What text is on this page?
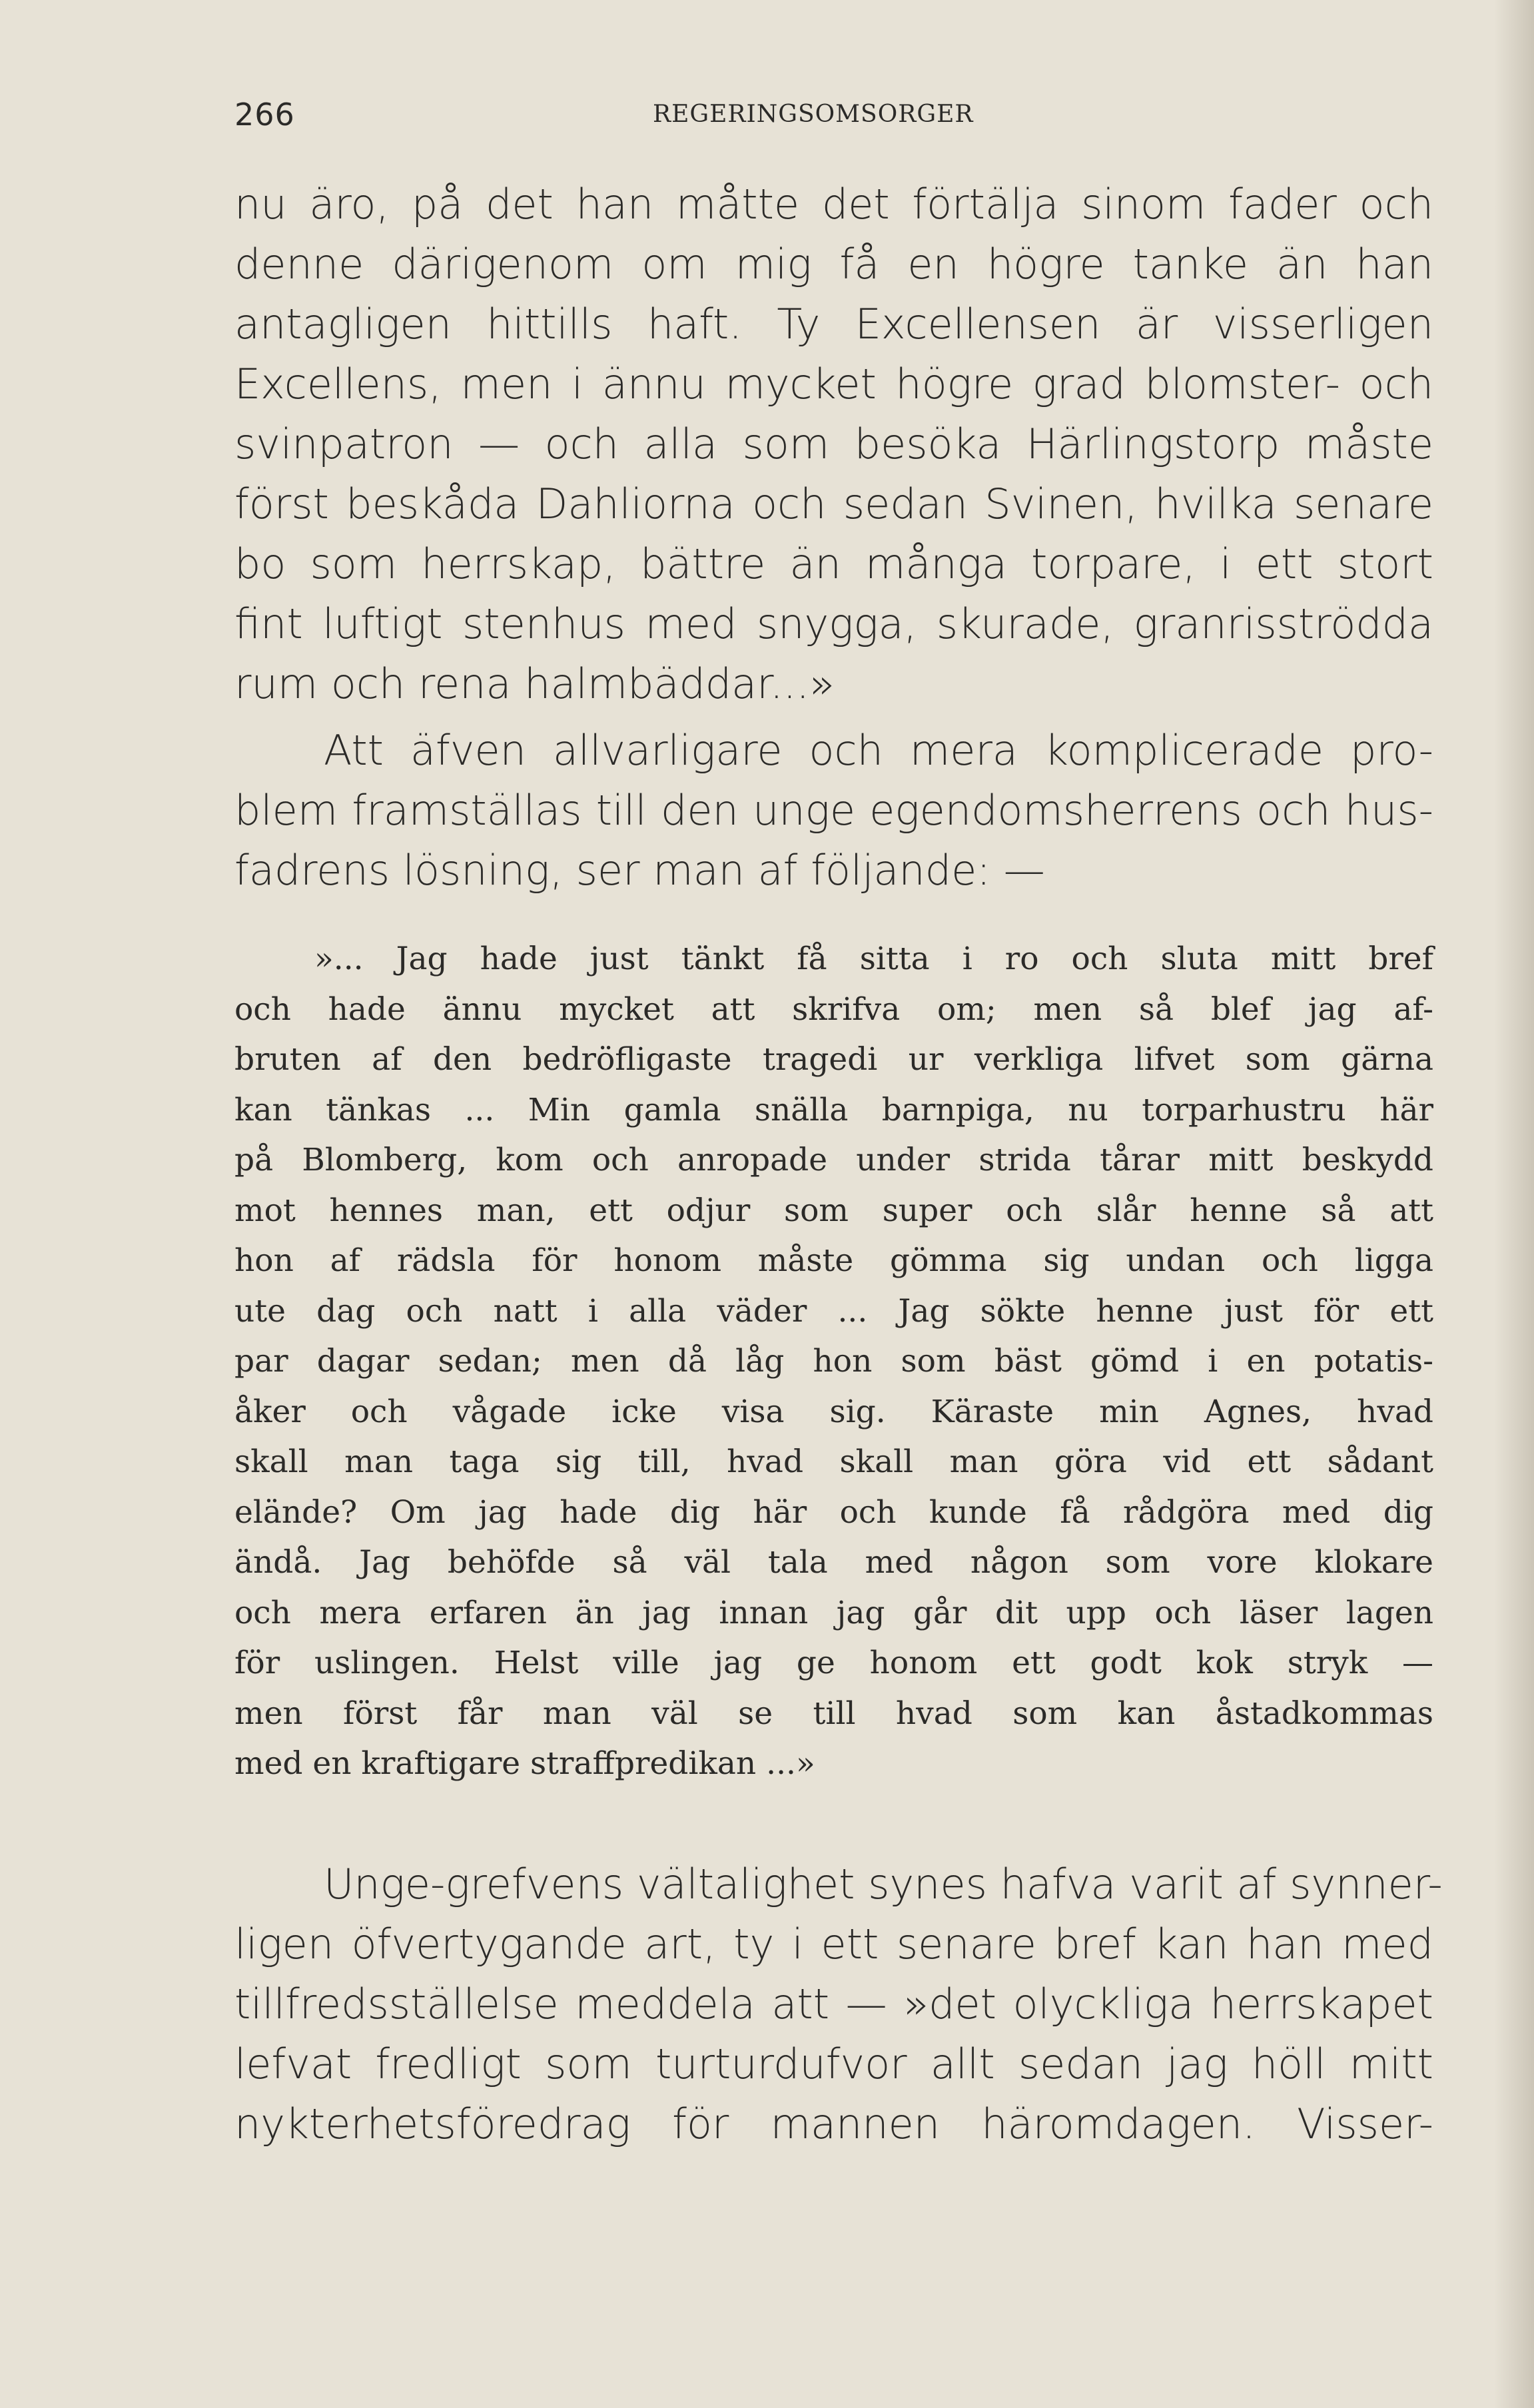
266	REGERINGSOMSORGER
nu äro, på det han måtte det förtälja sinom fader och
denne därigenom om mig få en högre tanke än han
antagligen hittills haft. Ty Excellensen är visserligen
Excellens, men i ännu mycket högre grad blomster- och
svinpatron — och alla som besöka Härlingstorp måste
först beskåda Dahliorna och sedan Svinen, hvilka senare
bo som herrskap, bättre än många torpare, i ett stort
fint luftigt stenhus med snygga, skurade, granrisströdda
rum och rena halmbäddar...»
Att äfven allvarligare och mera komplicerade pro-
blem framställas till den unge egendomsherrens och hus-
fadrens lösning, ser man af följande: —
»... Jag hade just tänkt få sitta i ro och sluta mitt bref
och hade ännu mycket att skrifva om; men så blef jag af-
bruten af den bedröfligaste tragedi ur verkliga lifvet som gärna
kan tänkas ... Min gamla snälla barnpiga, nu torparhustru här
på Blomberg, kom och anropade under strida tårar mitt beskydd
mot hennes man, ett odjur som super och slår henne så att
hon af rädsla för honom måste gömma sig undan och ligga
ute dag och natt i alla väder ... Jag sökte henne just för ett
par dagar sedan; men då låg hon som bäst gömd i en potatis-
åker och vågade icke visa sig. Käraste min Agnes, hvad
skall man taga sig till, hvad skall man göra vid ett sådant
elände? Om jag hade dig här och kunde få rådgöra med dig
ändå. Jag behöfde så väl tala med någon som vore klokare
och mera erfaren än jag innan jag går dit upp och läser lagen
för uslingen. Helst ville jag ge honom ett godt kok stryk —
men först får man väl se till hvad som kan åstadkommas
med en kraftigare straffpredikan ...»
Unge-grefvens vältalighet synes hafva varit af synner-
ligen öfvertygande art, ty i ett senare bref kan han med
tillfredsställelse meddela att — »det olyckliga herrskapet
lefvat fredligt som turturdufvor allt sedan jag höll mitt
nykterhetsföredrag för mannen häromdagen. Visser-
